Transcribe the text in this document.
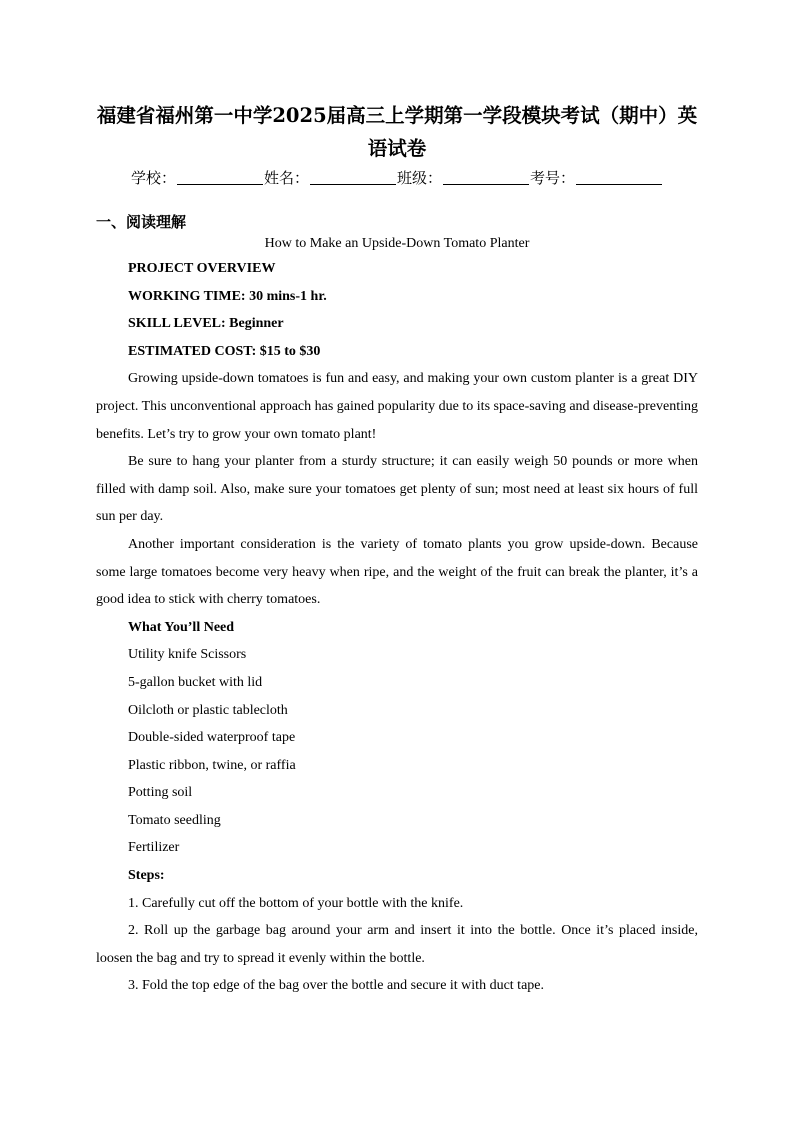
福建省福州第一中学2025届高三上学期第一学段模块考试（期中）英语试卷
学校：	姓名：	班级：	考号：
一、阅读理解
How to Make an Upside-Down Tomato Planter
PROJECT OVERVIEW
WORKING TIME: 30 mins-1 hr.
SKILL LEVEL: Beginner
ESTIMATED COST: $15 to $30

Growing upside-down tomatoes is fun and easy, and making your own custom planter is a great DIY project. This unconventional approach has gained popularity due to its space-saving and disease-preventing benefits. Let’s try to grow your own tomato plant!

Be sure to hang your planter from a sturdy structure; it can easily weigh 50 pounds or more when filled with damp soil. Also, make sure your tomatoes get plenty of sun; most need at least six hours of full sun per day.

Another important consideration is the variety of tomato plants you grow upside-down. Because some large tomatoes become very heavy when ripe, and the weight of the fruit can break the planter, it’s a good idea to stick with cherry tomatoes.

What You’ll Need
Utility knife Scissors
5-gallon bucket with lid
Oilcloth or plastic tablecloth
Double-sided waterproof tape
Plastic ribbon, twine, or raffia
Potting soil
Tomato seedling
Fertilizer
Steps:

1. Carefully cut off the bottom of your bottle with the knife.

2. Roll up the garbage bag around your arm and insert it into the bottle. Once it’s placed inside, loosen the bag and try to spread it evenly within the bottle.

3. Fold the top edge of the bag over the bottle and secure it with duct tape.
